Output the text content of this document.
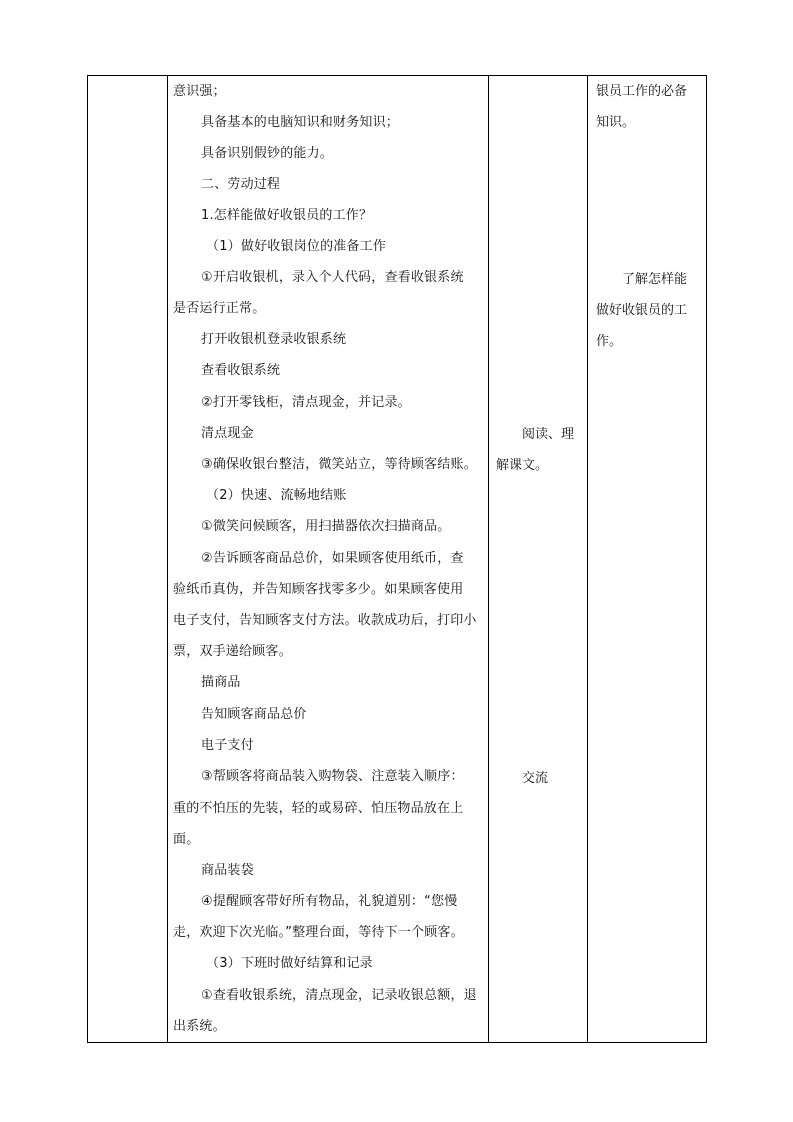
意识强；
具备基本的电脑知识和财务知识；
具备识别假钞的能力。
二、劳动过程
1.怎样能做好收银员的工作？
（1）做好收银岗位的准备工作
①开启收银机，录入个人代码，查看收银系统
是否运行正常。
打开收银机登录收银系统
查看收银系统
②打开零钱柜，清点现金，并记录。
清点现金
③确保收银台整洁，微笑站立，等待顾客结账。
（2）快速、流畅地结账
①微笑问候顾客，用扫描器依次扫描商品。
②告诉顾客商品总价，如果顾客使用纸币，查
验纸币真伪，并告知顾客找零多少。如果顾客使用
电子支付，告知顾客支付方法。收款成功后，打印小
票，双手递给顾客。
描商品
告知顾客商品总价
电子支付
③帮顾客将商品装入购物袋、注意装入顺序：
重的不怕压的先装，轻的或易碎、怕压物品放在上
面。
商品装袋
④提醒顾客带好所有物品，礼貌道别：“您慢
走，欢迎下次光临。”整理台面，等待下一个顾客。
（3）下班时做好结算和记录
①查看收银系统，清点现金，记录收银总额，退
出系统。
阅读、理
解课文。
交流
银员工作的必备
知识。
了解怎样能
做好收银员的工
作。
